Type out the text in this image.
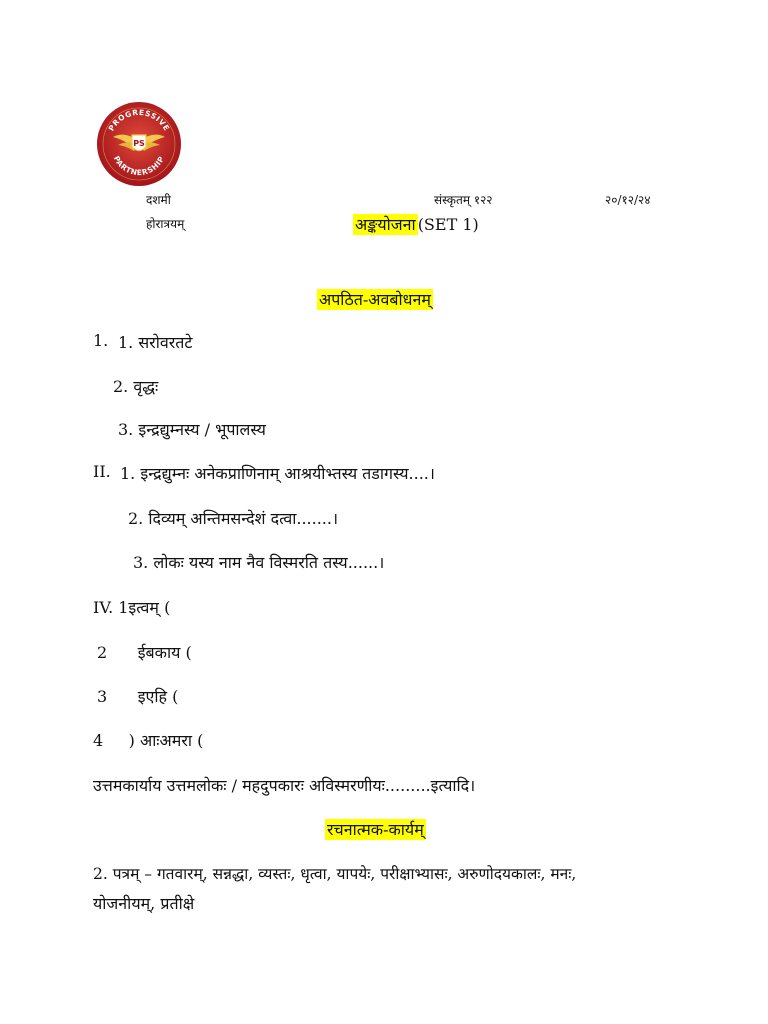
PROGRESSIVE
PARTNERSHIP
PS
दशमी	संस्कृतम् १२२	२०/१२/२४
होरात्रयम्	अङ्कयोजना (SET 1)
अपठित-अवबोधनम्
1. 1. सरोवरतटे
2. वृद्धः
3. इन्द्रद्युम्नस्य / भूपालस्य
II. 1. इन्द्रद्युम्नः अनेकप्राणिनाम् आश्रयीभ्तस्य तडागस्य....।
2. दिव्यम् अन्तिमसन्देशं दत्वा.......।
3. लोकः यस्य नाम नैव विस्मरति तस्य......।
IV. 1इत्वम् (
2      ईबकाय (
3      इएहि (
4     ) आःअमरा (
उत्तमकार्याय उत्तमलोकः / महदुपकारः अविस्मरणीयः.........इत्यादि।
रचनात्मक-कार्यम्
2. पत्रम् – गतवारम्, सन्नद्धा, व्यस्तः, धृत्वा, यापयेः, परीक्षाभ्यासः, अरुणोदयकालः, मनः,
योजनीयम्, प्रतीक्षे
